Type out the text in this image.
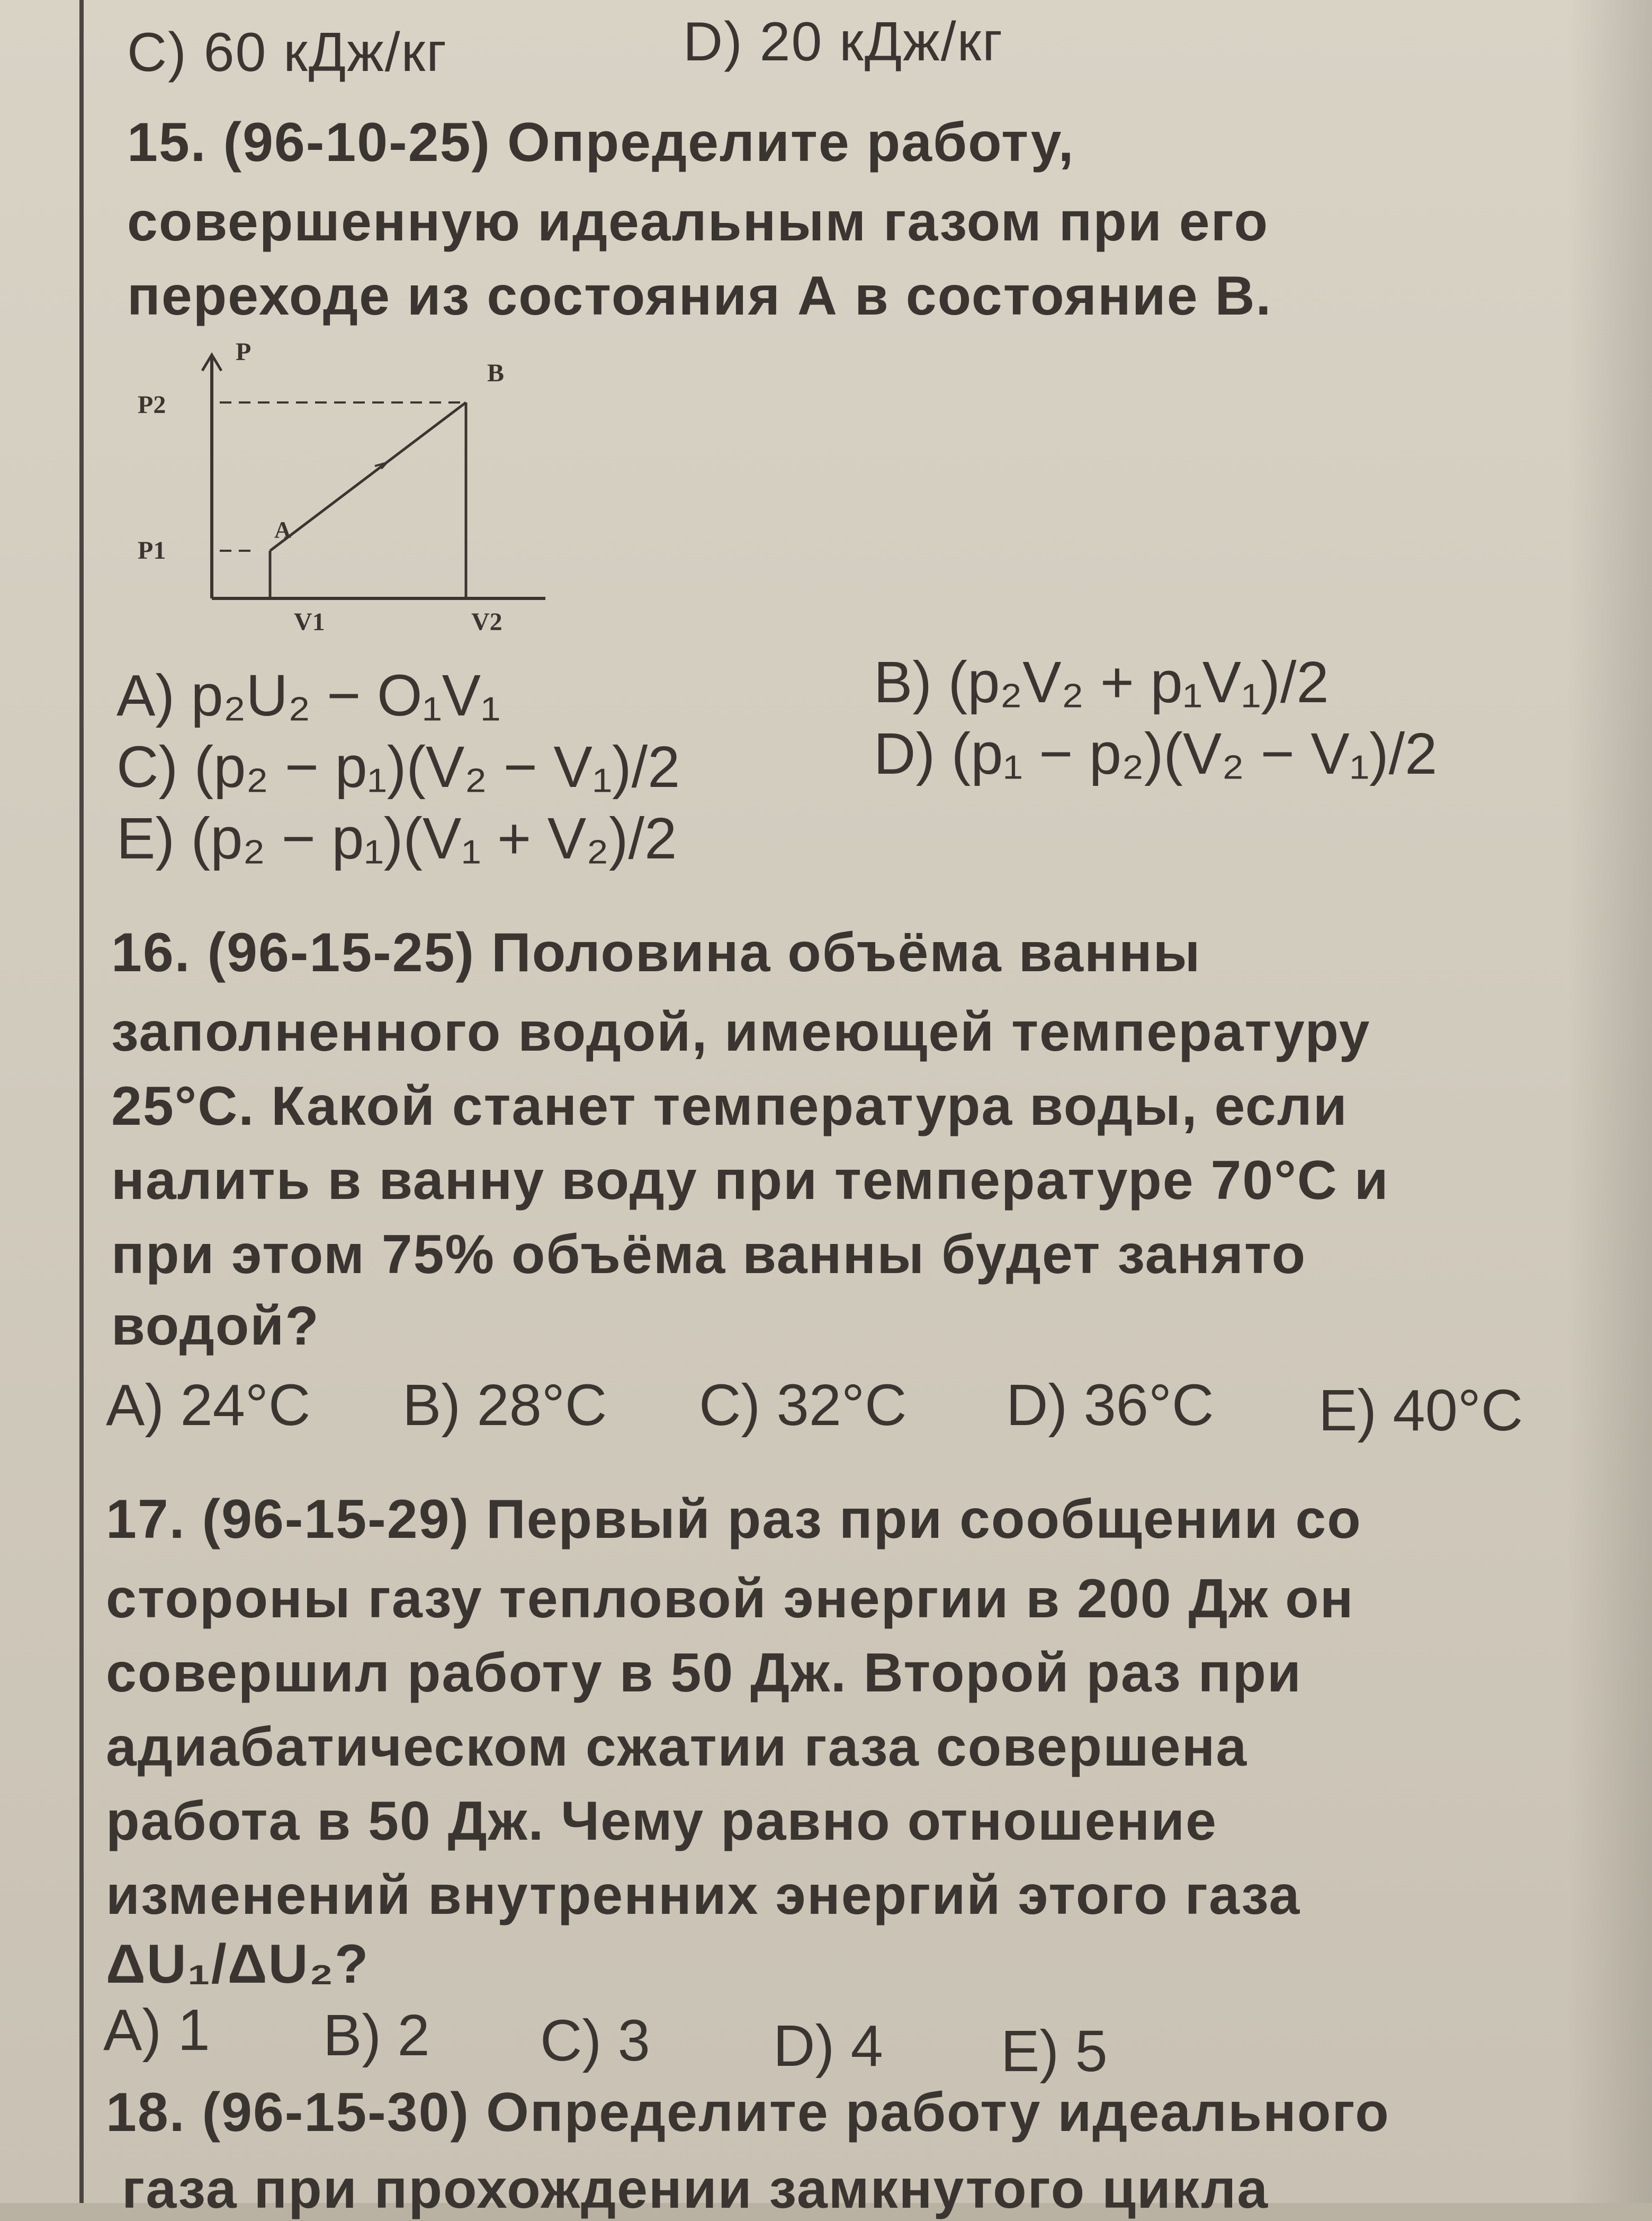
C) 60 кДж/кг	D) 20 кДж/кг
15. (96-10-25) Определите работу,
совершенную идеальным газом при его
переходе из состояния А в состояние В.
P
P2
P1
V1	V2
B
A
A) p₂U₂ − O₁V₁	B) (p₂V₂ + p₁V₁)/2
C) (p₂ − p₁)(V₂ − V₁)/2	D) (p₁ − p₂)(V₂ − V₁)/2
E) (p₂ − p₁)(V₁ + V₂)/2
16. (96-15-25) Половина объёма ванны
заполненного водой, имеющей температуру
25°С. Какой станет температура воды, если
налить в ванну воду при температуре 70°С и
при этом 75% объёма ванны будет занято
водой?
A) 24°C B) 28°C C) 32°C D) 36°C E) 40°C
17. (96-15-29) Первый раз при сообщении со
стороны газу тепловой энергии в 200 Дж он
совершил работу в 50 Дж. Второй раз при
адиабатическом сжатии газа совершена
работа в 50 Дж. Чему равно отношение
изменений внутренних энергий этого газа
ΔU₁/ΔU₂?
A) 1 B) 2 C) 3 D) 4 E) 5
18. (96-15-30) Определите работу идеального
газа при прохождении замкнутого цикла
